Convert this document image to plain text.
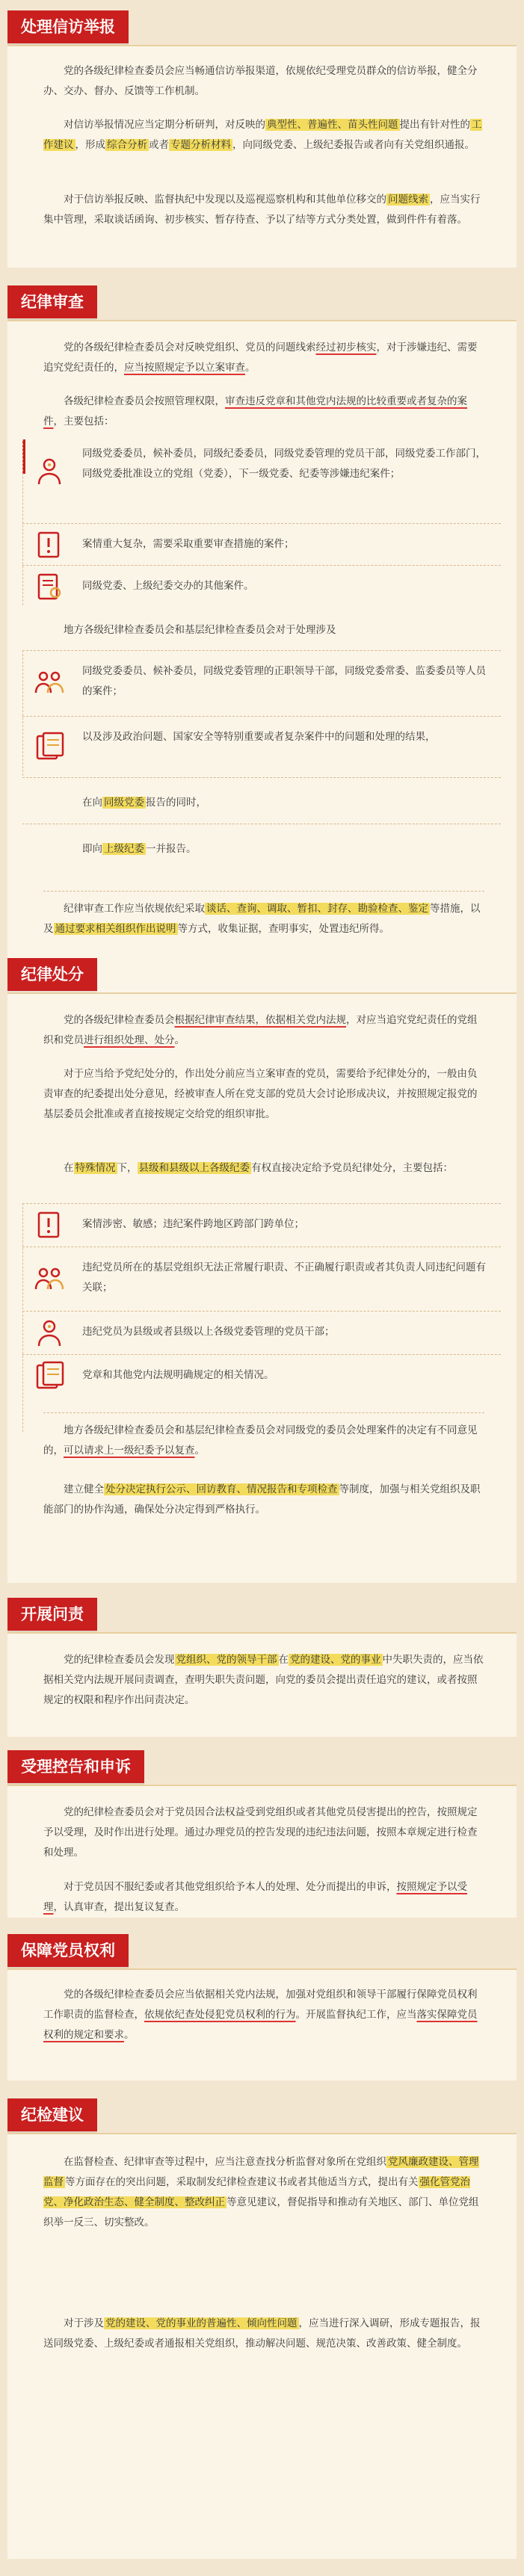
处理信访举报
党的各级纪律检查委员会应当畅通信访举报渠道，依规依纪受理党员群众的信访举报，健全分办、交办、督办、反馈等工作机制。
对信访举报情况应当定期分析研判，对反映的 典型性、普遍性、苗头性问题 提出有针对性的 工作建议 ，形成 综合分析 或者 专题分析材料 ，向同级党委、上级纪委报告或者向有关党组织通报。
对于信访举报反映、监督执纪中发现以及巡视巡察机构和其他单位移交的 问题线索 ，应当实行集中管理，采取谈话函询、初步核实、暂存待查、予以了结等方式分类处置，做到件件有着落。
纪律审查
党的各级纪律检查委员会对反映党组织、党员的问题线索经过初步核实，对于涉嫌违纪、需要追究党纪责任的，应当按照规定予以立案审查。
各级纪律检查委员会按照管理权限，审查违反党章和其他党内法规的比较重要或者复杂的案件，主要包括：
同级党委委员，候补委员，同级纪委委员，同级党委管理的党员干部，同级党委工作部门，同级党委批准设立的党组（党委），下一级党委、纪委等涉嫌违纪案件；
案情重大复杂，需要采取重要审查措施的案件；
同级党委、上级纪委交办的其他案件。
地方各级纪律检查委员会和基层纪律检查委员会对于处理涉及
同级党委委员、候补委员，同级党委管理的正职领导干部，同级党委常委、监委委员等人员的案件；
以及涉及政治问题、国家安全等特别重要或者复杂案件中的问题和处理的结果，
在向 同级党委 报告的同时，
即向 上级纪委 一并报告。
纪律审查工作应当依规依纪采取 谈话、查询、调取、暂扣、封存、勘验检查、鉴定 等措施，以及 通过要求相关组织作出说明 等方式，收集证据，查明事实，处置违纪所得。
纪律处分
党的各级纪律检查委员会根据纪律审查结果，依据相关党内法规，对应当追究党纪责任的党组织和党员进行组织处理、处分。
对于应当给予党纪处分的，作出处分前应当立案审查的党员，需要给予纪律处分的，一般由负责审查的纪委提出处分意见，经被审查人所在党支部的党员大会讨论形成决议，并按照规定报党的基层委员会批准或者直接按规定交给党的组织审批。
在 特殊情况 下， 县级和县级以上各级纪委 有权直接决定给予党员纪律处分，主要包括：
案情涉密、敏感；违纪案件跨地区跨部门跨单位；
违纪党员所在的基层党组织无法正常履行职责、不正确履行职责或者其负责人同违纪问题有关联；
违纪党员为县级或者县级以上各级党委管理的党员干部；
党章和其他党内法规明确规定的相关情况。
地方各级纪律检查委员会和基层纪律检查委员会对同级党的委员会处理案件的决定有不同意见的，可以请求上一级纪委予以复查。
建立健全 处分决定执行公示、回访教育、情况报告和专项检查 等制度，加强与相关党组织及职能部门的协作沟通，确保处分决定得到严格执行。
开展问责
党的纪律检查委员会发现 党组织、党的领导干部 在 党的建设、党的事业 中失职失责的，应当依据相关党内法规开展问责调查，查明失职失责问题，向党的委员会提出责任追究的建议，或者按照规定的权限和程序作出问责决定。
受理控告和申诉
党的纪律检查委员会对于党员因合法权益受到党组织或者其他党员侵害提出的控告，按照规定予以受理，及时作出进行处理。通过办理党员的控告发现的违纪违法问题，按照本章规定进行检查和处理。
对于党员因不服纪委或者其他党组织给予本人的处理、处分而提出的申诉，按照规定予以受理，认真审查，提出复议复查。
保障党员权利
党的各级纪律检查委员会应当依据相关党内法规，加强对党组织和领导干部履行保障党员权利工作职责的监督检查，依规依纪查处侵犯党员权利的行为。开展监督执纪工作，应当落实保障党员权利的规定和要求。
纪检建议
在监督检查、纪律审查等过程中，应当注意查找分析监督对象所在党组织 党风廉政建设、管理监督 等方面存在的突出问题，采取制发纪律检查建议书或者其他适当方式，提出有关 强化管党治党、净化政治生态、健全制度、整改纠正 等意见建议，督促指导和推动有关地区、部门、单位党组织举一反三、切实整改。
对于涉及 党的建设、党的事业的普遍性、倾向性问题 ，应当进行深入调研，形成专题报告，报送同级党委、上级纪委或者通报相关党组织，推动解决问题、规范决策、改善政策、健全制度。
